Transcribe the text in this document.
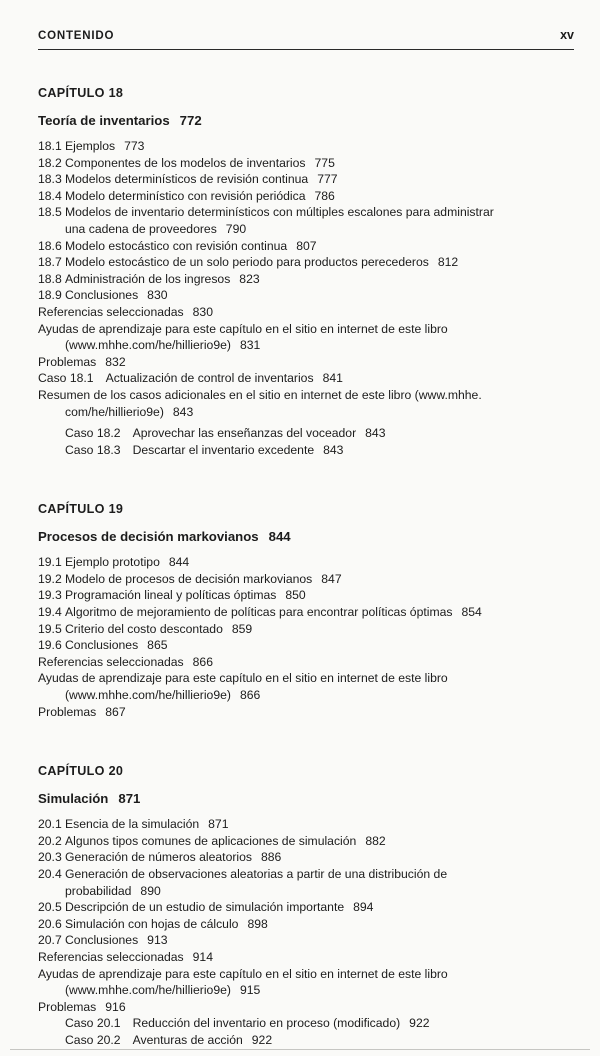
CONTENIDO	xv
CAPÍTULO 18
Teoría de inventarios 772
18.1 Ejemplos 773
18.2 Componentes de los modelos de inventarios 775
18.3 Modelos determinísticos de revisión continua 777
18.4 Modelo determinístico con revisión periódica 786
18.5 Modelos de inventario determinísticos con múltiples escalones para administrar
una cadena de proveedores 790
18.6 Modelo estocástico con revisión continua 807
18.7 Modelo estocástico de un solo periodo para productos perecederos 812
18.8 Administración de los ingresos 823
18.9 Conclusiones 830
Referencias seleccionadas 830
Ayudas de aprendizaje para este capítulo en el sitio en internet de este libro
(www.mhhe.com/he/hillierio9e) 831
Problemas 832
Caso 18.1 Actualización de control de inventarios 841
Resumen de los casos adicionales en el sitio en internet de este libro (www.mhhe.
com/he/hillierio9e) 843
Caso 18.2 Aprovechar las enseñanzas del voceador 843
Caso 18.3 Descartar el inventario excedente 843
CAPÍTULO 19
Procesos de decisión markovianos 844
19.1 Ejemplo prototipo 844
19.2 Modelo de procesos de decisión markovianos 847
19.3 Programación lineal y políticas óptimas 850
19.4 Algoritmo de mejoramiento de políticas para encontrar políticas óptimas 854
19.5 Criterio del costo descontado 859
19.6 Conclusiones 865
Referencias seleccionadas 866
Ayudas de aprendizaje para este capítulo en el sitio en internet de este libro
(www.mhhe.com/he/hillierio9e) 866
Problemas 867
CAPÍTULO 20
Simulación 871
20.1 Esencia de la simulación 871
20.2 Algunos tipos comunes de aplicaciones de simulación 882
20.3 Generación de números aleatorios 886
20.4 Generación de observaciones aleatorias a partir de una distribución de
probabilidad 890
20.5 Descripción de un estudio de simulación importante 894
20.6 Simulación con hojas de cálculo 898
20.7 Conclusiones 913
Referencias seleccionadas 914
Ayudas de aprendizaje para este capítulo en el sitio en internet de este libro
(www.mhhe.com/he/hillierio9e) 915
Problemas 916
Caso 20.1 Reducción del inventario en proceso (modificado) 922
Caso 20.2 Aventuras de acción 922
